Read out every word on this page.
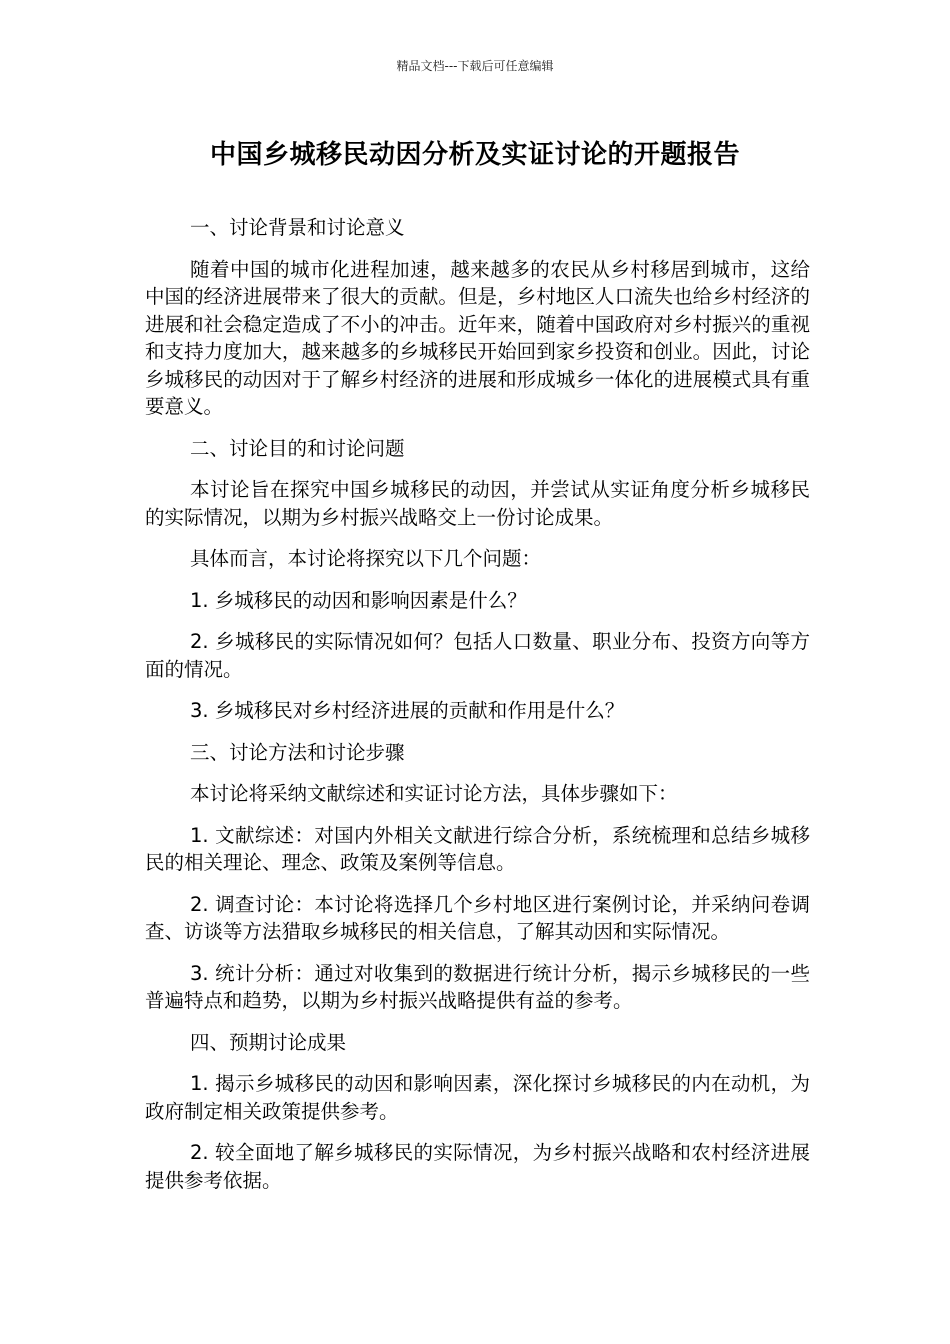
精品文档---下载后可任意编辑
中国乡城移民动因分析及实证讨论的开题报告

一、讨论背景和讨论意义

随着中国的城市化进程加速，越来越多的农民从乡村移居到城市，这给中国的经济进展带来了很大的贡献。但是，乡村地区人口流失也给乡村经济的进展和社会稳定造成了不小的冲击。近年来，随着中国政府对乡村振兴的重视和支持力度加大，越来越多的乡城移民开始回到家乡投资和创业。因此，讨论乡城移民的动因对于了解乡村经济的进展和形成城乡一体化的进展模式具有重要意义。

二、讨论目的和讨论问题

本讨论旨在探究中国乡城移民的动因，并尝试从实证角度分析乡城移民的实际情况，以期为乡村振兴战略交上一份讨论成果。

具体而言，本讨论将探究以下几个问题：

1. 乡城移民的动因和影响因素是什么？

2. 乡城移民的实际情况如何？包括人口数量、职业分布、投资方向等方面的情况。

3. 乡城移民对乡村经济进展的贡献和作用是什么？

三、讨论方法和讨论步骤

本讨论将采纳文献综述和实证讨论方法，具体步骤如下：

1. 文献综述：对国内外相关文献进行综合分析，系统梳理和总结乡城移民的相关理论、理念、政策及案例等信息。

2. 调查讨论：本讨论将选择几个乡村地区进行案例讨论，并采纳问卷调查、访谈等方法猎取乡城移民的相关信息，了解其动因和实际情况。

3. 统计分析：通过对收集到的数据进行统计分析，揭示乡城移民的一些普遍特点和趋势，以期为乡村振兴战略提供有益的参考。

四、预期讨论成果

1. 揭示乡城移民的动因和影响因素，深化探讨乡城移民的内在动机，为政府制定相关政策提供参考。

2. 较全面地了解乡城移民的实际情况，为乡村振兴战略和农村经济进展提供参考依据。
